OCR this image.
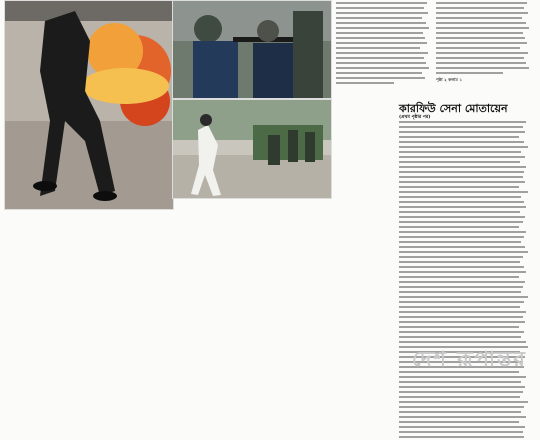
পৃষ্ঠা ২ কলাম ১
কারফিউ সেনা মোতায়েন
(প্রথম পৃষ্ঠার পর)
দেশ রূপান্তর
